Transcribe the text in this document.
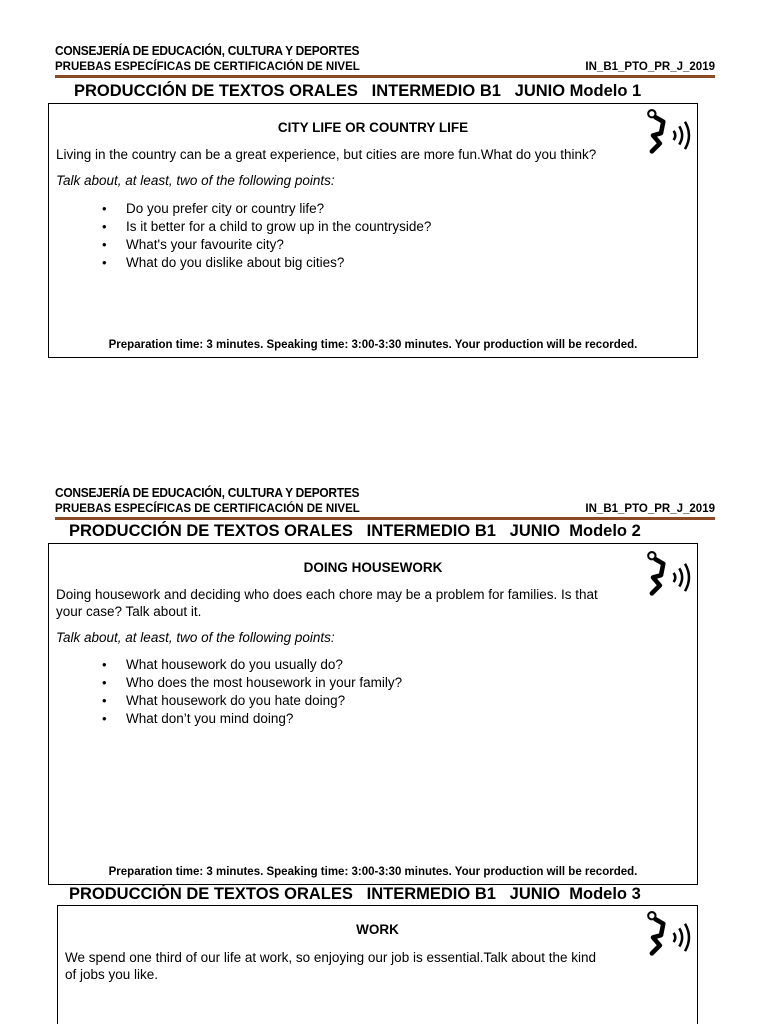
CONSEJERÍA DE EDUCACIÓN, CULTURA Y DEPORTES
PRUEBAS ESPECÍFICAS DE CERTIFICACIÓN DE NIVEL	IN_B1_PTO_PR_J_2019
PRODUCCIÓN DE TEXTOS ORALES   INTERMEDIO B1   JUNIO Modelo 1
CITY LIFE OR COUNTRY LIFE
Living in the country can be a great experience, but cities are more fun.What do you think?
Talk about, at least, two of the following points:
• Do you prefer city or country life?
• Is it better for a child to grow up in the countryside?
• What's your favourite city?
• What do you dislike about big cities?
Preparation time: 3 minutes. Speaking time: 3:00-3:30 minutes. Your production will be recorded.
CONSEJERÍA DE EDUCACIÓN, CULTURA Y DEPORTES
PRUEBAS ESPECÍFICAS DE CERTIFICACIÓN DE NIVEL	IN_B1_PTO_PR_J_2019
PRODUCCIÓN DE TEXTOS ORALES   INTERMEDIO B1   JUNIO  Modelo 2
DOING HOUSEWORK
Doing housework and deciding who does each chore may be a problem for families. Is that
your case? Talk about it.
Talk about, at least, two of the following points:
• What housework do you usually do?
• Who does the most housework in your family?
• What housework do you hate doing?
• What don’t you mind doing?
Preparation time: 3 minutes. Speaking time: 3:00-3:30 minutes. Your production will be recorded.
PRODUCCIÓN DE TEXTOS ORALES   INTERMEDIO B1   JUNIO  Modelo 3
WORK
We spend one third of our life at work, so enjoying our job is essential.Talk about the kind
of jobs you like.
